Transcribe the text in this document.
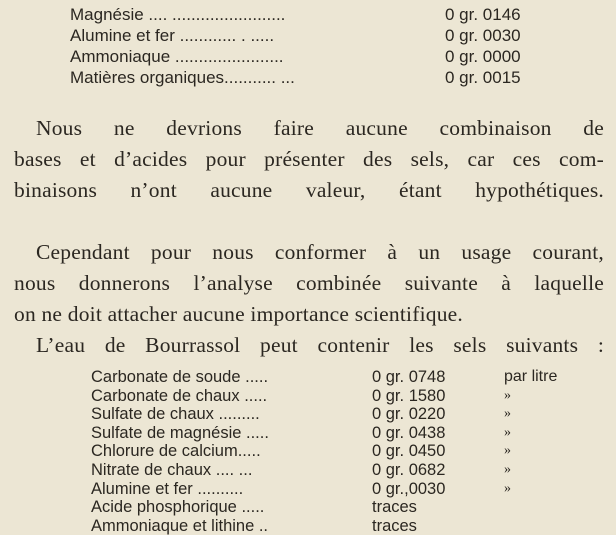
Magnésie .... ........................	0 gr. 0146
Alumine et fer ............ . .....	0 gr. 0030
Ammoniaque .......................	0 gr. 0000
Matières organiques........... ...	0 gr. 0015
Nous ne devrions faire aucune combinaison de
bases et d’acides pour présenter des sels, car ces com-
binaisons n’ont aucune valeur, étant hypothétiques.
Cependant pour nous conformer à un usage courant,
nous donnerons l’analyse combinée suivante à laquelle
on ne doit attacher aucune importance scientifique.
L’eau de Bourrassol peut contenir les sels suivants :
Carbonate de soude .....	0 gr. 0748	par litre
Carbonate de chaux .....	0 gr. 1580	»
Sulfate de chaux .........	0 gr. 0220	»
Sulfate de magnésie .....	0 gr. 0438	»
Chlorure de calcium.....	0 gr. 0450	»
Nitrate de chaux .... ...	0 gr. 0682	»
Alumine et fer ..........	0 gr.,0030	»
Acide phosphorique .....	traces
Ammoniaque et lithine ..	traces
